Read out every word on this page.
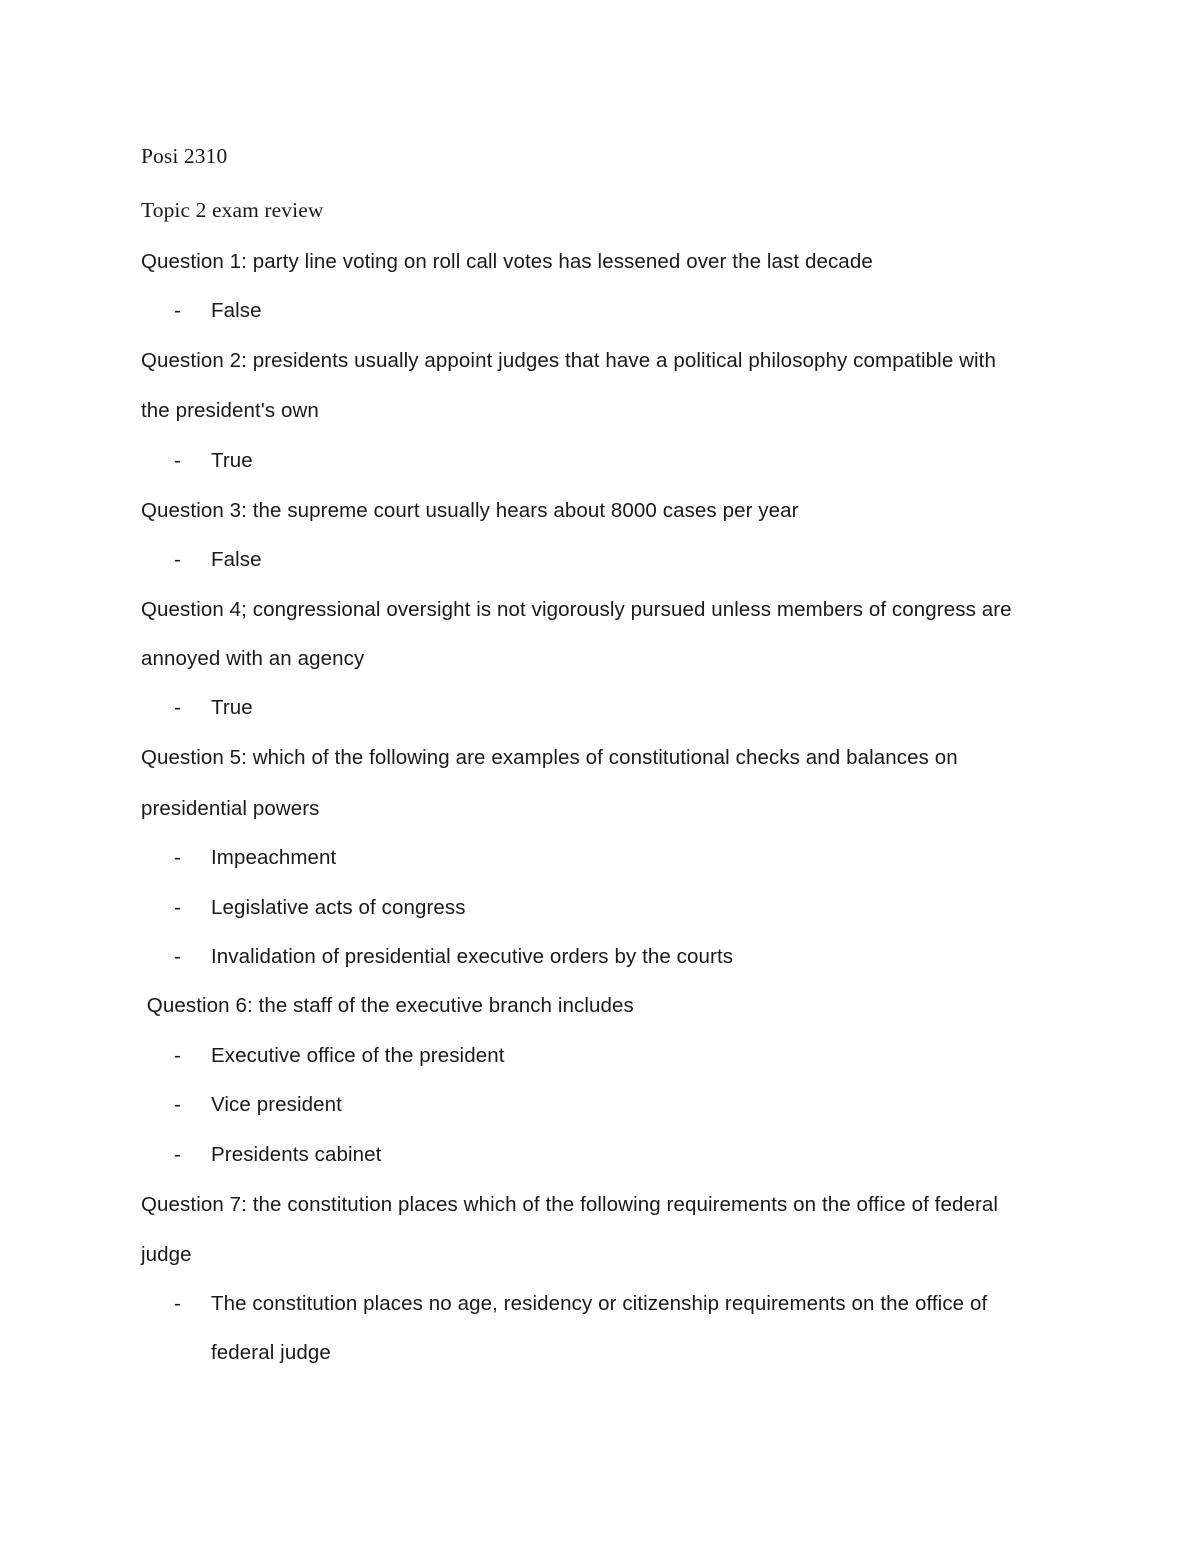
Posi 2310
Topic 2 exam review
Question 1: party line voting on roll call votes has lessened over the last decade
- False
Question 2: presidents usually appoint judges that have a political philosophy compatible with
the president's own
- True
Question 3: the supreme court usually hears about 8000 cases per year
- False
Question 4; congressional oversight is not vigorously pursued unless members of congress are
annoyed with an agency
- True
Question 5: which of the following are examples of constitutional checks and balances on
presidential powers
- Impeachment
- Legislative acts of congress
- Invalidation of presidential executive orders by the courts
Question 6: the staff of the executive branch includes
- Executive office of the president
- Vice president
- Presidents cabinet
Question 7: the constitution places which of the following requirements on the office of federal
judge
- The constitution places no age, residency or citizenship requirements on the office of
federal judge
